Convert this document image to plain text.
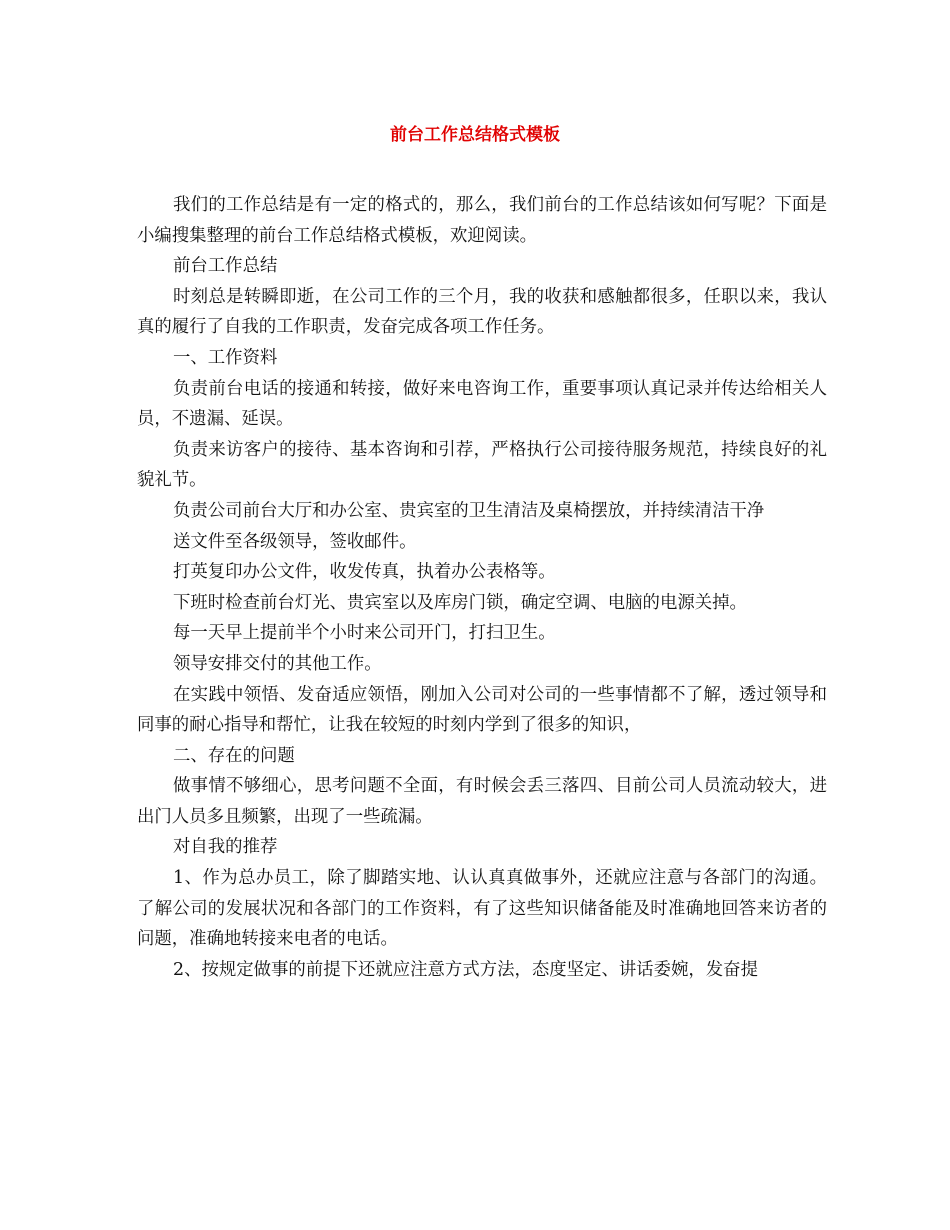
前台工作总结格式模板

我们的工作总结是有一定的格式的，那么，我们前台的工作总结该如何写呢？下面是小编搜集整理的前台工作总结格式模板，欢迎阅读。

前台工作总结

时刻总是转瞬即逝，在公司工作的三个月，我的收获和感触都很多，任职以来，我认真的履行了自我的工作职责，发奋完成各项工作任务。

一、工作资料

负责前台电话的接通和转接，做好来电咨询工作，重要事项认真记录并传达给相关人员，不遗漏、延误。

负责来访客户的接待、基本咨询和引荐，严格执行公司接待服务规范，持续良好的礼貌礼节。

负责公司前台大厅和办公室、贵宾室的卫生清洁及桌椅摆放，并持续清洁干净

送文件至各级领导，签收邮件。

打英复印办公文件，收发传真，执着办公表格等。

下班时检查前台灯光、贵宾室以及库房门锁，确定空调、电脑的电源关掉。

每一天早上提前半个小时来公司开门，打扫卫生。

领导安排交付的其他工作。

在实践中领悟、发奋适应领悟，刚加入公司对公司的一些事情都不了解，透过领导和同事的耐心指导和帮忙，让我在较短的时刻内学到了很多的知识，

二、存在的问题

做事情不够细心，思考问题不全面，有时候会丢三落四、目前公司人员流动较大，进出门人员多且频繁，出现了一些疏漏。

对自我的推荐

1、作为总办员工，除了脚踏实地、认认真真做事外，还就应注意与各部门的沟通。了解公司的发展状况和各部门的工作资料，有了这些知识储备能及时准确地回答来访者的问题，准确地转接来电者的电话。

2、按规定做事的前提下还就应注意方式方法，态度坚定、讲话委婉，发奋提
